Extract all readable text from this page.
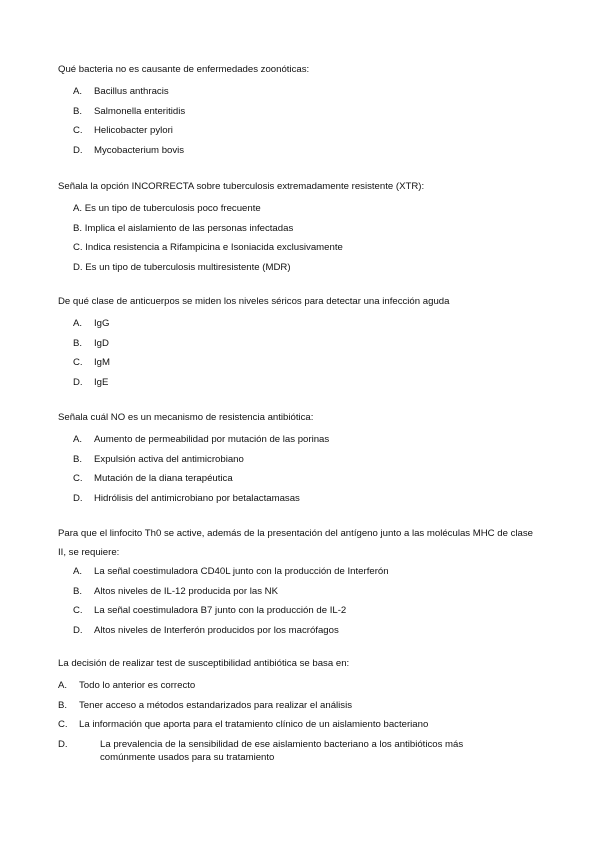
Qué bacteria no es causante de enfermedades zoonóticas:

A. Bacillus anthracis
B. Salmonella enteritidis
C. Helicobacter pylori
D. Mycobacterium bovis

Señala la opción INCORRECTA sobre tuberculosis extremadamente resistente (XTR):

A. Es un tipo de tuberculosis poco frecuente
B. Implica el aislamiento de las personas infectadas
C. Indica resistencia a Rifampicina e Isoniacida exclusivamente
D. Es un tipo de tuberculosis multiresistente (MDR)

De qué clase de anticuerpos se miden los niveles séricos para detectar una infección aguda

A. IgG
B. IgD
C. IgM
D. IgE

Señala cuál NO es un mecanismo de resistencia antibiótica:

A. Aumento de permeabilidad por mutación de las porinas
B. Expulsión activa del antimicrobiano
C. Mutación de la diana terapéutica
D. Hidrólisis del antimicrobiano por betalactamasas

Para que el linfocito Th0 se active, además de la presentación del antígeno junto a las moléculas MHC de clase II, se requiere:

A. La señal coestimuladora CD40L junto con la producción de Interferón
B. Altos niveles de IL-12 producida por las NK
C. La señal coestimuladora B7 junto con la producción de IL-2
D. Altos niveles de Interferón producidos por los macrófagos

La decisión de realizar test de susceptibilidad antibiótica se basa en:

A. Todo lo anterior es correcto
B. Tener acceso a métodos estandarizados para realizar el análisis
C. La información que aporta para el tratamiento clínico de un aislamiento bacteriano
D.	La prevalencia de la sensibilidad de ese aislamiento bacteriano a los antibióticos más comúnmente usados para su tratamiento
